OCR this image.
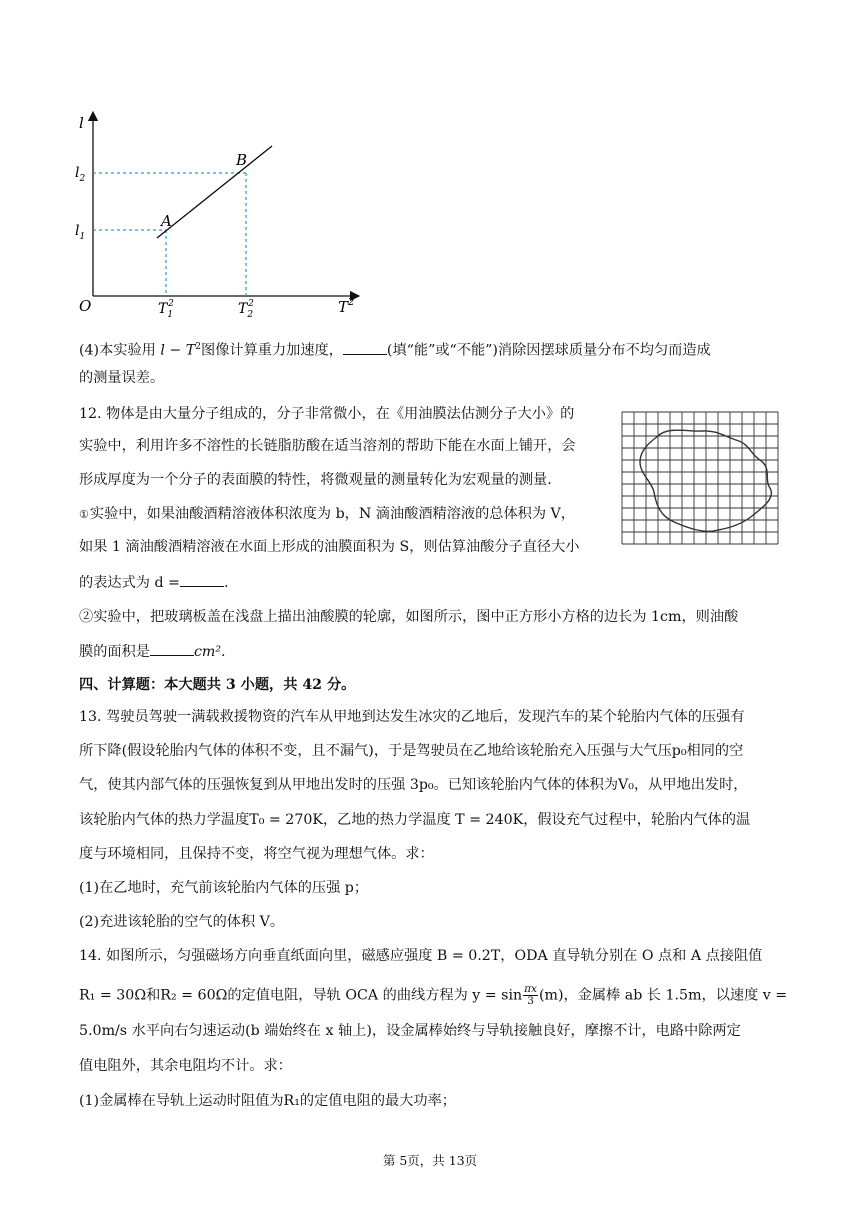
l
$T^2$
O
$l_2$
$l_1$
$T_12$	$T_22$
A
B
(4)本实验用 $l - T^2$图像计算重力加速度，	(填“能”或“不能”)消除因摆球质量分布不均匀而造成
的测量误差。
12. 物体是由大量分子组成的，分子非常微小，在《用油膜法估测分子大小》的
实验中，利用许多不溶性的长链脂肪酸在适当溶剂的帮助下能在水面上铺开，会
形成厚度为一个分子的表面膜的特性，将微观量的测量转化为宏观量的测量.
①实验中，如果油酸酒精溶液体积浓度为 b，N 滴油酸酒精溶液的总体积为 V，
如果 1 滴油酸酒精溶液在水面上形成的油膜面积为 S，则估算油酸分子直径大小
的表达式为 d =	.
②实验中，把玻璃板盖在浅盘上描出油酸膜的轮廓，如图所示，图中正方形小方格的边长为 1cm，则油酸
膜的面积是	cm².
四、计算题：本大题共 3 小题，共 42 分。
13. 驾驶员驾驶一满载救援物资的汽车从甲地到达发生冰灾的乙地后，发现汽车的某个轮胎内气体的压强有
所下降(假设轮胎内气体的体积不变，且不漏气)，于是驾驶员在乙地给该轮胎充入压强与大气压p₀相同的空
气，使其内部气体的压强恢复到从甲地出发时的压强 3p₀。已知该轮胎内气体的体积为V₀，从甲地出发时，
该轮胎内气体的热力学温度T₀ = 270K，乙地的热力学温度 T = 240K，假设充气过程中，轮胎内气体的温
度与环境相同，且保持不变，将空气视为理想气体。求：
(1)在乙地时，充气前该轮胎内气体的压强 p；
(2)充进该轮胎的空气的体积 V。
14. 如图所示，匀强磁场方向垂直纸面向里，磁感应强度 B = 0.2T，ODA 直导轨分别在 O 点和 A 点接阻值
R₁ = 30Ω和R₂ = 60Ω的定值电阻，导轨 OCA 的曲线方程为 $y = \sin \frac{\pi x}{3} (m)$，金属棒 ab 长 1.5m，以速度 v =
5.0m/s 水平向右匀速运动(b 端始终在 x 轴上)，设金属棒始终与导轨接触良好，摩擦不计，电路中除两定
值电阻外，其余电阻均不计。求：
(1)金属棒在导轨上运动时阻值为R₁的定值电阻的最大功率；
第 5页，共 13页
